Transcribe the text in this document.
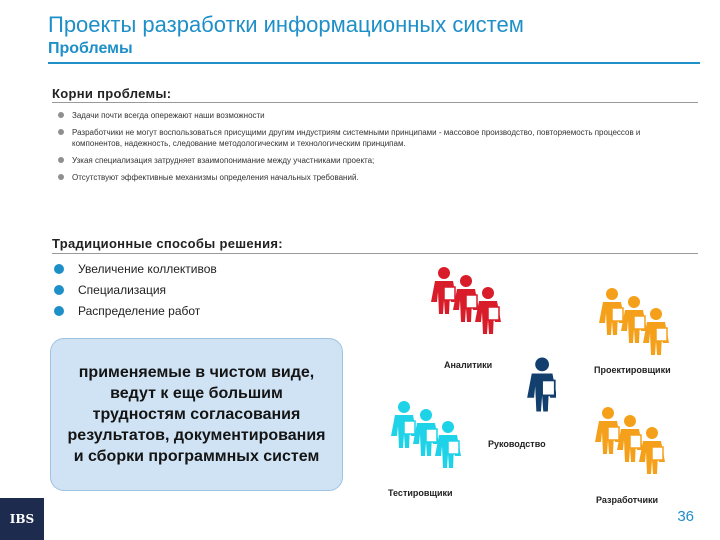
Проекты разработки информационных систем
Проблемы
Корни проблемы:
Задачи почти всегда опережают наши возможности
Разработчики не могут воспользоваться присущими другим индустриям системными принципами - массовое производство, повторяемость процессов и компонентов, надежность, следование методологическим и технологическим принципам.
Узкая специализация затрудняет взаимопонимание между участниками проекта;
Отсутствуют эффективные механизмы определения начальных требований.
Традиционные способы решения:
Увеличение коллективов
Специализация
Распределение работ
применяемые в чистом виде, ведут к еще большим трудностям согласования результатов, документирования и сборки программных систем
Аналитики	Проектировщики
Руководство
Тестировщики
Разработчики
IBS	36
